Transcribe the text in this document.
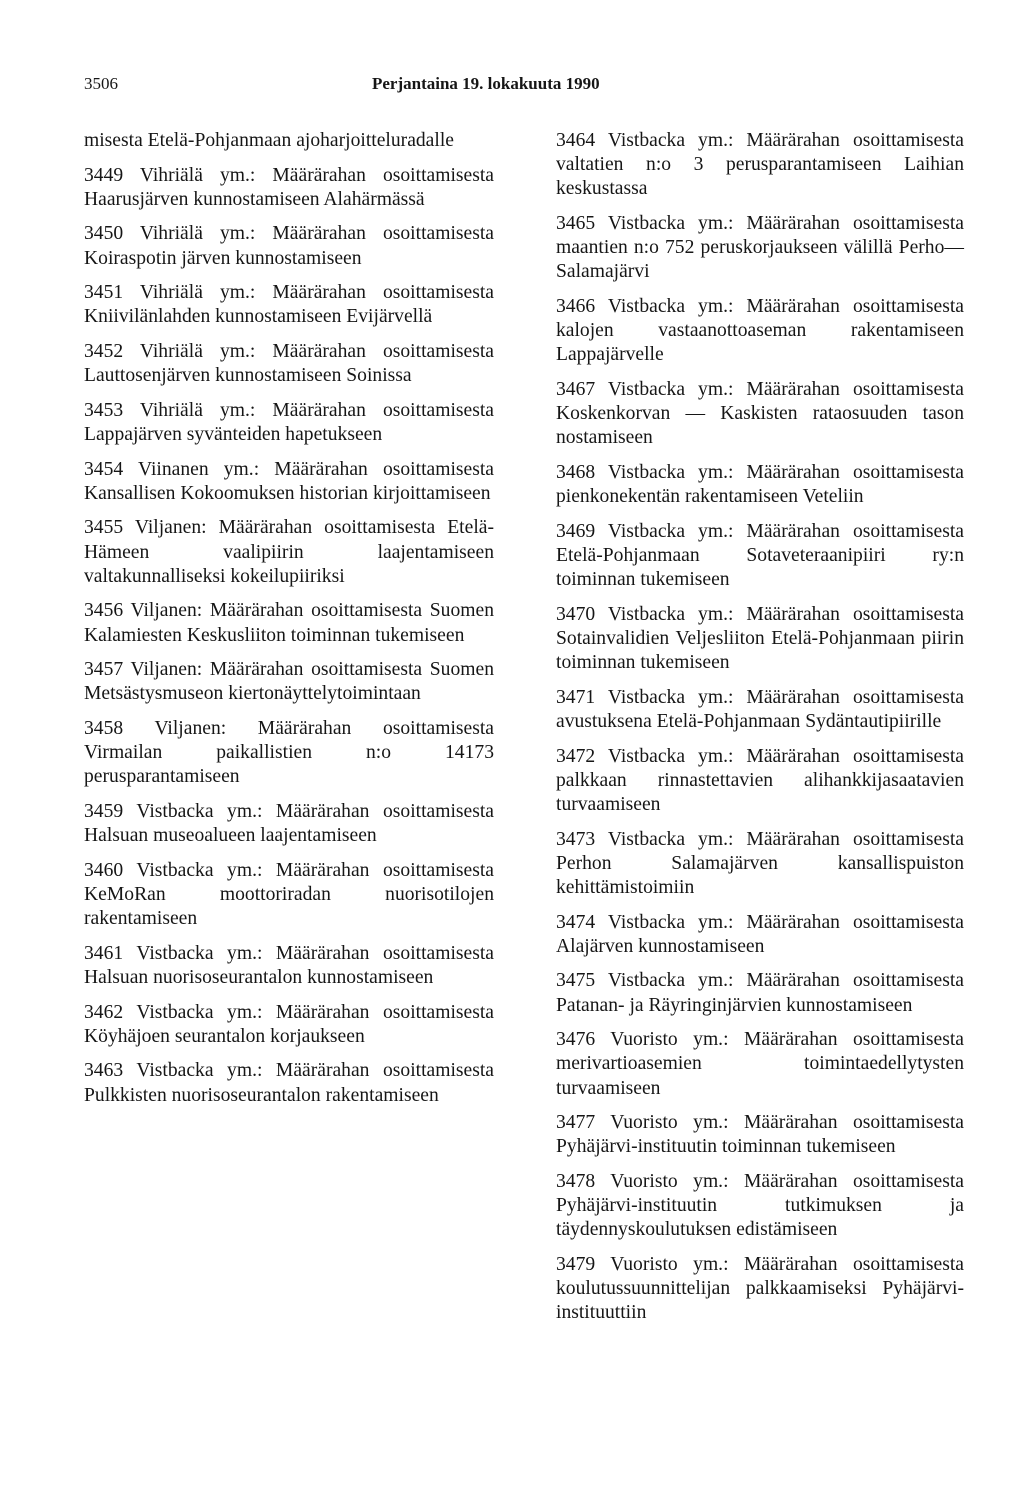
3506	Perjantaina 19. lokakuuta 1990
misesta Etelä-Pohjanmaan ajoharjoitteluradalle
3449 Vihriälä ym.: Määrärahan osoittamisesta Haarusjärven kunnostamiseen Alahärmässä
3450 Vihriälä ym.: Määrärahan osoittamisesta Koiraspotin järven kunnostamiseen
3451 Vihriälä ym.: Määrärahan osoittamisesta Kniivilänlahden kunnostamiseen Evijärvellä
3452 Vihriälä ym.: Määrärahan osoittamisesta Lauttosenjärven kunnostamiseen Soinissa
3453 Vihriälä ym.: Määrärahan osoittamisesta Lappajärven syvänteiden hapetukseen
3454 Viinanen ym.: Määrärahan osoittamisesta Kansallisen Kokoomuksen historian kirjoittamiseen
3455 Viljanen: Määrärahan osoittamisesta Etelä-Hämeen vaalipiirin laajentamiseen valtakunnalliseksi kokeilupiiriksi
3456 Viljanen: Määrärahan osoittamisesta Suomen Kalamiesten Keskusliiton toiminnan tukemiseen
3457 Viljanen: Määrärahan osoittamisesta Suomen Metsästysmuseon kiertonäyttelytoimintaan
3458 Viljanen: Määrärahan osoittamisesta Virmailan paikallistien n:o 14173 perusparantamiseen
3459 Vistbacka ym.: Määrärahan osoittamisesta Halsuan museoalueen laajentamiseen
3460 Vistbacka ym.: Määrärahan osoittamisesta KeMoRan moottoriradan nuorisotilojen rakentamiseen
3461 Vistbacka ym.: Määrärahan osoittamisesta Halsuan nuorisoseurantalon kunnostamiseen
3462 Vistbacka ym.: Määrärahan osoittamisesta Köyhäjoen seurantalon korjaukseen
3463 Vistbacka ym.: Määrärahan osoittamisesta Pulkkisten nuorisoseurantalon rakentamiseen
3464 Vistbacka ym.: Määrärahan osoittamisesta valtatien n:o 3 perusparantamiseen Laihian keskustassa
3465 Vistbacka ym.: Määrärahan osoittamisesta maantien n:o 752 peruskorjaukseen välillä Perho—Salamajärvi
3466 Vistbacka ym.: Määrärahan osoittamisesta kalojen vastaanottoaseman rakentamiseen Lappajärvelle
3467 Vistbacka ym.: Määrärahan osoittamisesta Koskenkorvan — Kaskisten rataosuuden tason nostamiseen
3468 Vistbacka ym.: Määrärahan osoittamisesta pienkonekentän rakentamiseen Veteliin
3469 Vistbacka ym.: Määrärahan osoittamisesta Etelä-Pohjanmaan Sotaveteraanipiiri ry:n toiminnan tukemiseen
3470 Vistbacka ym.: Määrärahan osoittamisesta Sotainvalidien Veljesliiton Etelä-Pohjanmaan piirin toiminnan tukemiseen
3471 Vistbacka ym.: Määrärahan osoittamisesta avustuksena Etelä-Pohjanmaan Sydäntautipiirille
3472 Vistbacka ym.: Määrärahan osoittamisesta palkkaan rinnastettavien alihankkijasaatavien turvaamiseen
3473 Vistbacka ym.: Määrärahan osoittamisesta Perhon Salamajärven kansallispuiston kehittämistoimiin
3474 Vistbacka ym.: Määrärahan osoittamisesta Alajärven kunnostamiseen
3475 Vistbacka ym.: Määrärahan osoittamisesta Patanan- ja Räyringinjärvien kunnostamiseen
3476 Vuoristo ym.: Määrärahan osoittamisesta merivartioasemien toimintaedellytysten turvaamiseen
3477 Vuoristo ym.: Määrärahan osoittamisesta Pyhäjärvi-instituutin toiminnan tukemiseen
3478 Vuoristo ym.: Määrärahan osoittamisesta Pyhäjärvi-instituutin tutkimuksen ja täydennyskoulutuksen edistämiseen
3479 Vuoristo ym.: Määrärahan osoittamisesta koulutussuunnittelijan palkkaamiseksi Pyhäjärvi-instituuttiin
